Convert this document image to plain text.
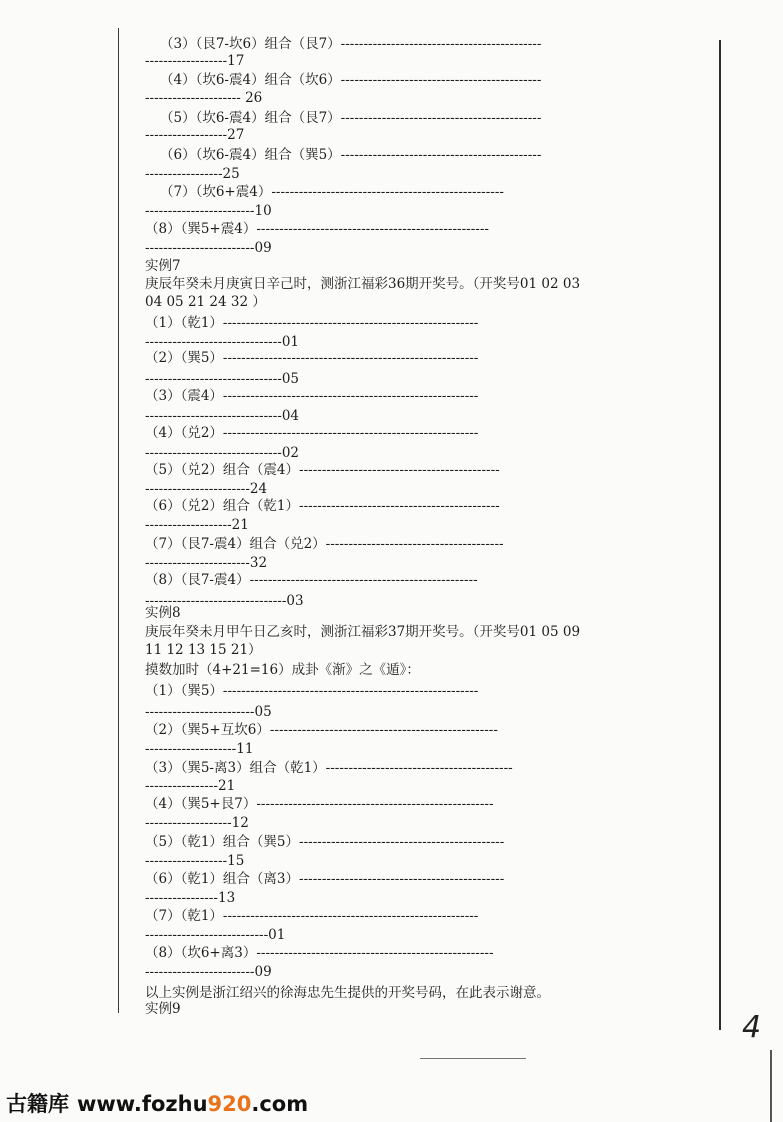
（3）（艮7-坎6）组合（艮7）--------------------------------------------
------------------17
（4）（坎6-震4）组合（坎6）--------------------------------------------
--------------------- 26
（5）（坎6-震4）组合（艮7）--------------------------------------------
------------------27
（6）（坎6-震4）组合（巽5）--------------------------------------------
-----------------25
（7）（坎6+震4）---------------------------------------------------
------------------------10
（8）（巽5+震4）---------------------------------------------------
------------------------09
实例7
庚辰年癸未月庚寅日辛己时，测浙江福彩36期开奖号。（开奖号01 02 03
04 05 21 24 32 ）
（1）（乾1）--------------------------------------------------------
------------------------------01
（2）（巽5）--------------------------------------------------------
------------------------------05
（3）（震4）--------------------------------------------------------
------------------------------04
（4）（兑2）--------------------------------------------------------
------------------------------02
（5）（兑2）组合（震4）--------------------------------------------
-----------------------24
（6）（兑2）组合（乾1）--------------------------------------------
-------------------21
（7）（艮7-震4）组合（兑2）---------------------------------------
-----------------------32
（8）（艮7-震4）--------------------------------------------------
-------------------------------03
实例8
庚辰年癸未月甲午日乙亥时，测浙江福彩37期开奖号。（开奖号01 05 09
11 12 13 15 21）
摸数加时（4+21=16）成卦《渐》之《遁》：
（1）（巽5）--------------------------------------------------------
------------------------05
（2）（巽5+互坎6）--------------------------------------------------
--------------------11
（3）（巽5-离3）组合（乾1）-----------------------------------------
----------------21
（4）（巽5+艮7）----------------------------------------------------
-------------------12
（5）（乾1）组合（巽5）---------------------------------------------
------------------15
（6）（乾1）组合（离3）---------------------------------------------
----------------13
（7）（乾1）--------------------------------------------------------
---------------------------01
（8）（坎6+离3）----------------------------------------------------
------------------------09
以上实例是浙江绍兴的徐海忠先生提供的开奖号码，在此表示谢意。
实例9
4
古籍库 www.fozhu920.com
